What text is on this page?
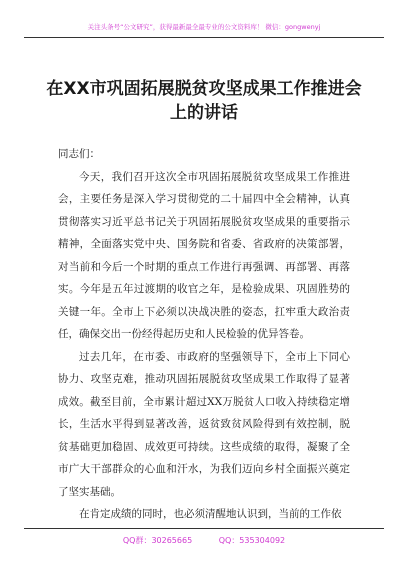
关注头条号“公文研究”，获得最新最全最专业的公文资料库！ 微信：gongwenyj
在XX市巩固拓展脱贫攻坚成果工作推进会上的讲话

同志们：

今天，我们召开这次全市巩固拓展脱贫攻坚成果工作推进会，主要任务是深入学习贯彻党的二十届四中全会精神，认真贯彻落实习近平总书记关于巩固拓展脱贫攻坚成果的重要指示精神，全面落实党中央、国务院和省委、省政府的决策部署，对当前和今后一个时期的重点工作进行再强调、再部署、再落实。今年是五年过渡期的收官之年，是检验成果、巩固胜势的关键一年。全市上下必须以决战决胜的姿态，扛牢重大政治责任，确保交出一份经得起历史和人民检验的优异答卷。

过去几年，在市委、市政府的坚强领导下，全市上下同心协力、攻坚克难，推动巩固拓展脱贫攻坚成果工作取得了显著成效。截至目前，全市累计超过XX万脱贫人口收入持续稳定增长，生活水平得到显著改善，返贫致贫风险得到有效控制，脱贫基础更加稳固、成效更可持续。这些成绩的取得，凝聚了全市广大干部群众的心血和汗水，为我们迈向乡村全面振兴奠定了坚实基础。

在肯定成绩的同时，也必须清醒地认识到，当前的工作依

QQ群：30265665	QQ：535304092
